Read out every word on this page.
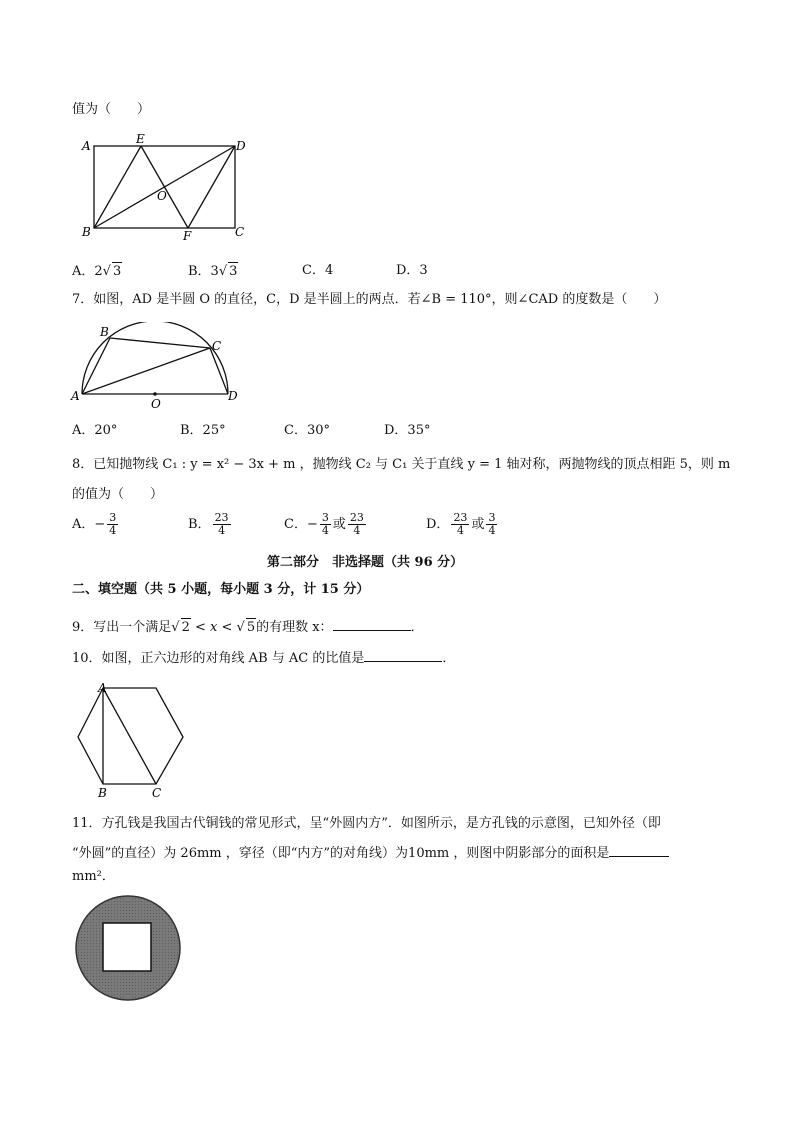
值为（　　）
A	E	D
O
B	F	C
A．2√ 3	B．3√ 3	C．4	D．3
7．如图，AD 是半圆 O 的直径，C，D 是半圆上的两点．若∠B = 110°，则∠CAD 的度数是（　　）
B
C
A
O
D
A．20°	B．25°	C．30°	D．35°
8．已知抛物线 C₁ : y = x² − 3x + m ，抛物线 C₂ 与 C₁ 关于直线 y = 1 轴对称，两抛物线的顶点相距 5，则 m
的值为（　　）
A．− $\frac{3}{4}$	B． $\frac{23}{4}$	C．− $\frac{3}{4}$ 或 $\frac{23}{4}$	D． $\frac{23}{4}$ 或 $\frac{3}{4}$
第二部分　非选择题（共 96 分）
二、填空题（共 5 小题，每小题 3 分，计 15 分）
9．写出一个满足√ 2 < x < √ 5的有理数 x：	．
10．如图，正六边形的对角线 AB 与 AC 的比值是	．
A
B	C
11．方孔钱是我国古代铜钱的常见形式，呈“外圆内方”．如图所示，是方孔钱的示意图，已知外径（即
“外圆”的直径）为 26mm ，穿径（即“内方”的对角线）为10mm ，则图中阴影部分的面积是
mm²．
